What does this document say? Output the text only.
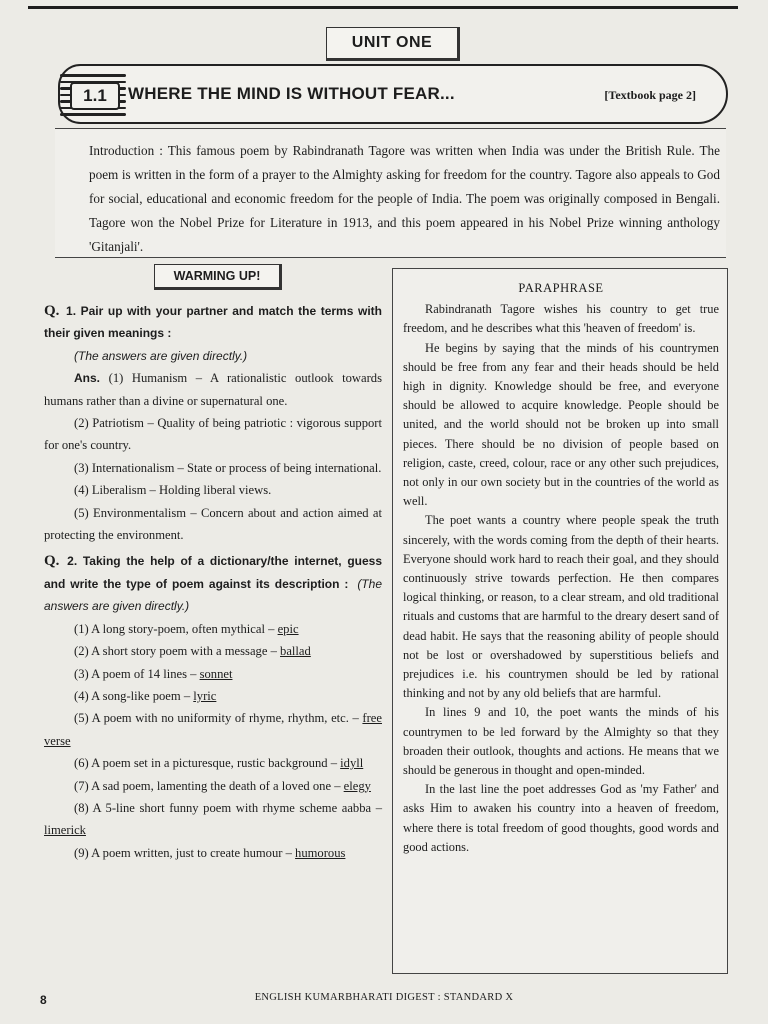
UNIT ONE
1.1	WHERE THE MIND IS WITHOUT FEAR...	[Textbook page 2]

Introduction : This famous poem by Rabindranath Tagore was written when India was under the British Rule. The poem is written in the form of a prayer to the Almighty asking for freedom for the country. Tagore also appeals to God for social, educational and economic freedom for the people of India. The poem was originally composed in Bengali. Tagore won the Nobel Prize for Literature in 1913, and this poem appeared in his Nobel Prize winning anthology 'Gitanjali'.

WARMING UP!

Q. 1. Pair up with your partner and match the terms with their given meanings :

(The answers are given directly.)

Ans. (1) Humanism – A rationalistic outlook towards humans rather than a divine or supernatural one.

(2) Patriotism – Quality of being patriotic : vigorous support for one's country.

(3) Internationalism – State or process of being international.

(4) Liberalism – Holding liberal views.

(5) Environmentalism – Concern about and action aimed at protecting the environment.

Q. 2. Taking the help of a dictionary/the internet, guess and write the type of poem against its description : (The answers are given directly.)

(1) A long story-poem, often mythical – epic

(2) A short story poem with a message – ballad

(3) A poem of 14 lines – sonnet

(4) A song-like poem – lyric

(5) A poem with no uniformity of rhyme, rhythm, etc. – free verse

(6) A poem set in a picturesque, rustic background – idyll

(7) A sad poem, lamenting the death of a loved one – elegy

(8) A 5-line short funny poem with rhyme scheme aabba – limerick

(9) A poem written, just to create humour – humorous

PARAPHRASE

Rabindranath Tagore wishes his country to get true freedom, and he describes what this 'heaven of freedom' is.

He begins by saying that the minds of his countrymen should be free from any fear and their heads should be held high in dignity. Knowledge should be free, and everyone should be allowed to acquire knowledge. People should be united, and the world should not be broken up into small pieces. There should be no division of people based on religion, caste, creed, colour, race or any other such prejudices, not only in our own society but in the countries of the world as well.

The poet wants a country where people speak the truth sincerely, with the words coming from the depth of their hearts. Everyone should work hard to reach their goal, and they should continuously strive towards perfection. He then compares logical thinking, or reason, to a clear stream, and old traditional rituals and customs that are harmful to the dreary desert sand of dead habit. He says that the reasoning ability of people should not be lost or overshadowed by superstitious beliefs and prejudices i.e. his countrymen should be led by rational thinking and not by any old beliefs that are harmful.

In lines 9 and 10, the poet wants the minds of his countrymen to be led forward by the Almighty so that they broaden their outlook, thoughts and actions. He means that we should be generous in thought and open-minded.

In the last line the poet addresses God as 'my Father' and asks Him to awaken his country into a heaven of freedom, where there is total freedom of good thoughts, good words and good actions.

8	ENGLISH KUMARBHARATI DIGEST : STANDARD X
